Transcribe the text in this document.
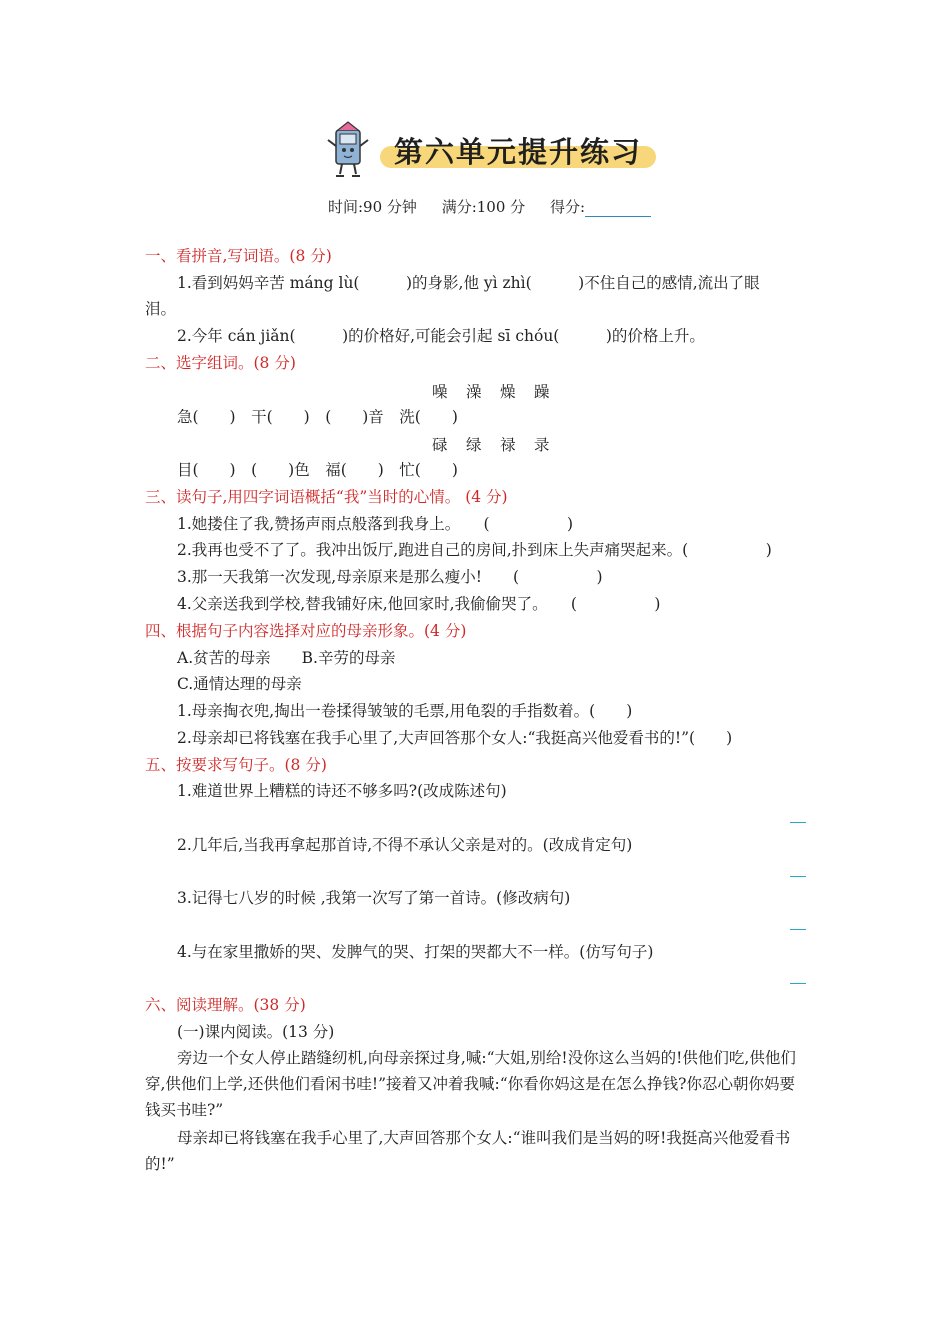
第六单元提升练习
时间:90 分钟 满分:100 分 得分:
一、看拼音,写词语。(8 分)
1.看到妈妈辛苦 máng lù(　　　)的身影,他 yì zhì(　　　)不住自己的感情,流出了眼
泪。
2.今年 cán jiǎn(　　　)的价格好,可能会引起 sī chóu(　　　)的价格上升。
二、选字组词。(8 分)
噪 澡 燥 躁
急(　　)　干(　　)　(　　)音　洗(　　)
碌 绿 禄 录
目(　　)　(　　)色　福(　　)　忙(　　)
三、读句子,用四字词语概括“我”当时的心情。 (4 分)
1.她搂住了我,赞扬声雨点般落到我身上。　　(　　　　　)
2.我再也受不了了。我冲出饭厅,跑进自己的房间,扑到床上失声痛哭起来。(　　　　　)
3.那一天我第一次发现,母亲原来是那么瘦小!　　(　　　　　)
4.父亲送我到学校,替我铺好床,他回家时,我偷偷哭了。　　(　　　　　)
四、根据句子内容选择对应的母亲形象。(4 分)
A.贫苦的母亲　　B.辛劳的母亲
C.通情达理的母亲
1.母亲掏衣兜,掏出一卷揉得皱皱的毛票,用龟裂的手指数着。(　　)
2.母亲却已将钱塞在我手心里了,大声回答那个女人:“我挺高兴他爱看书的!”(　　)
五、按要求写句子。(8 分)
1.难道世界上糟糕的诗还不够多吗?(改成陈述句)
2.几年后,当我再拿起那首诗,不得不承认父亲是对的。(改成肯定句)
3.记得七八岁的时候 ,我第一次写了第一首诗。(修改病句)
4.与在家里撒娇的哭、发脾气的哭、打架的哭都大不一样。(仿写句子)
六、阅读理解。(38 分)
(一)课内阅读。(13 分)
旁边一个女人停止踏缝纫机,向母亲探过身,喊:“大姐,别给!没你这么当妈的!供他们吃,供他们穿,供他们上学,还供他们看闲书哇!”接着又冲着我喊:“你看你妈这是在怎么挣钱?你忍心朝你妈要钱买书哇?”
母亲却已将钱塞在我手心里了,大声回答那个女人:“谁叫我们是当妈的呀!我挺高兴他爱看书的!”
